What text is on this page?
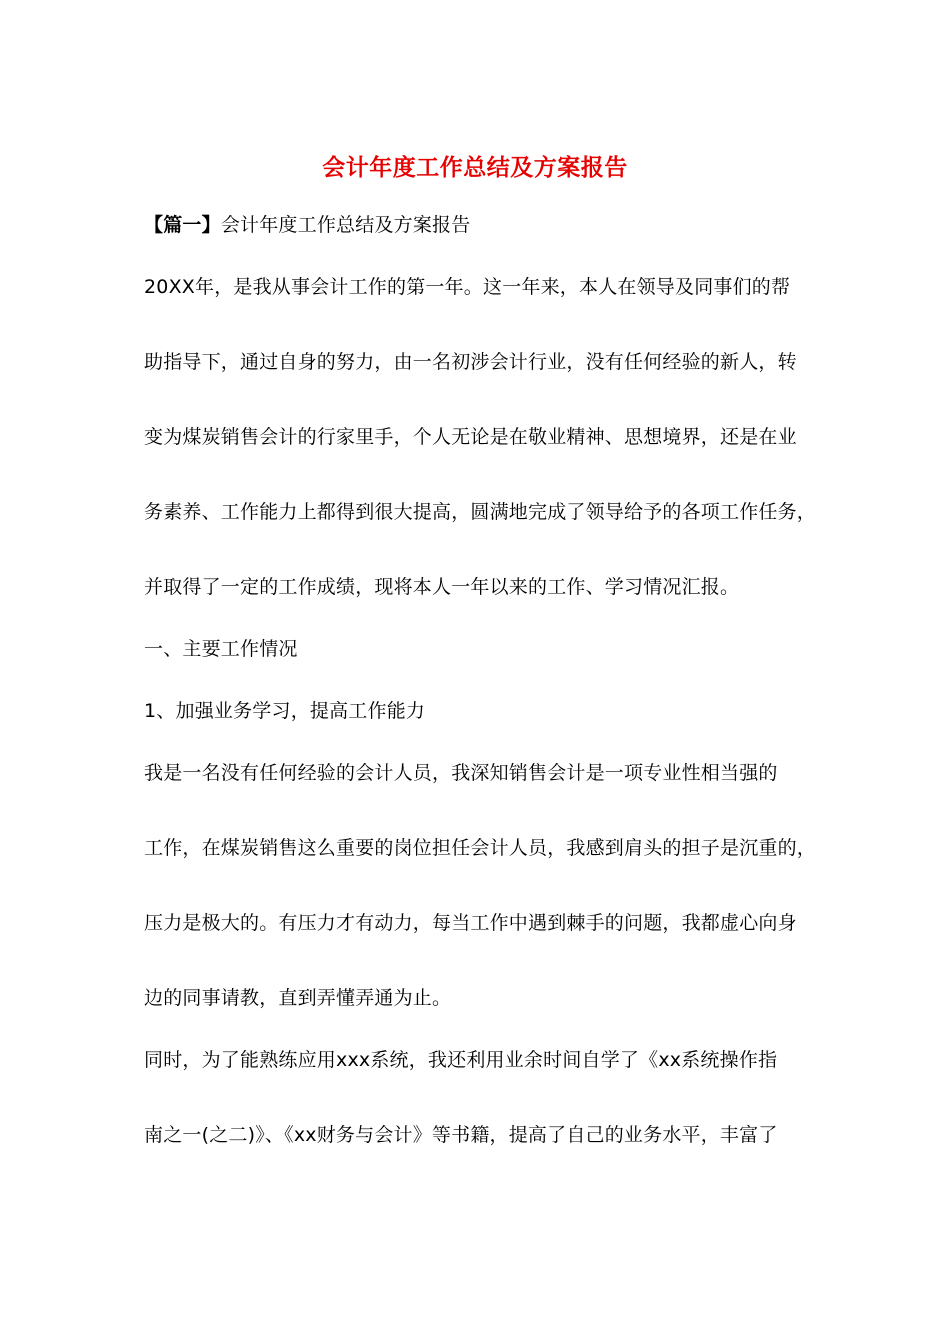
会计年度工作总结及方案报告
【篇一】会计年度工作总结及方案报告
20XX年，是我从事会计工作的第一年。这一年来，本人在领导及同事们的帮
助指导下，通过自身的努力，由一名初涉会计行业，没有任何经验的新人，转
变为煤炭销售会计的行家里手，个人无论是在敬业精神、思想境界，还是在业
务素养、工作能力上都得到很大提高，圆满地完成了领导给予的各项工作任务，
并取得了一定的工作成绩，现将本人一年以来的工作、学习情况汇报。
一、主要工作情况
1、加强业务学习，提高工作能力
我是一名没有任何经验的会计人员，我深知销售会计是一项专业性相当强的
工作，在煤炭销售这么重要的岗位担任会计人员，我感到肩头的担子是沉重的，
压力是极大的。有压力才有动力，每当工作中遇到棘手的问题，我都虚心向身
边的同事请教，直到弄懂弄通为止。
同时，为了能熟练应用xxx系统，我还利用业余时间自学了《xx系统操作指
南之一(之二)》、《xx财务与会计》等书籍，提高了自己的业务水平，丰富了
